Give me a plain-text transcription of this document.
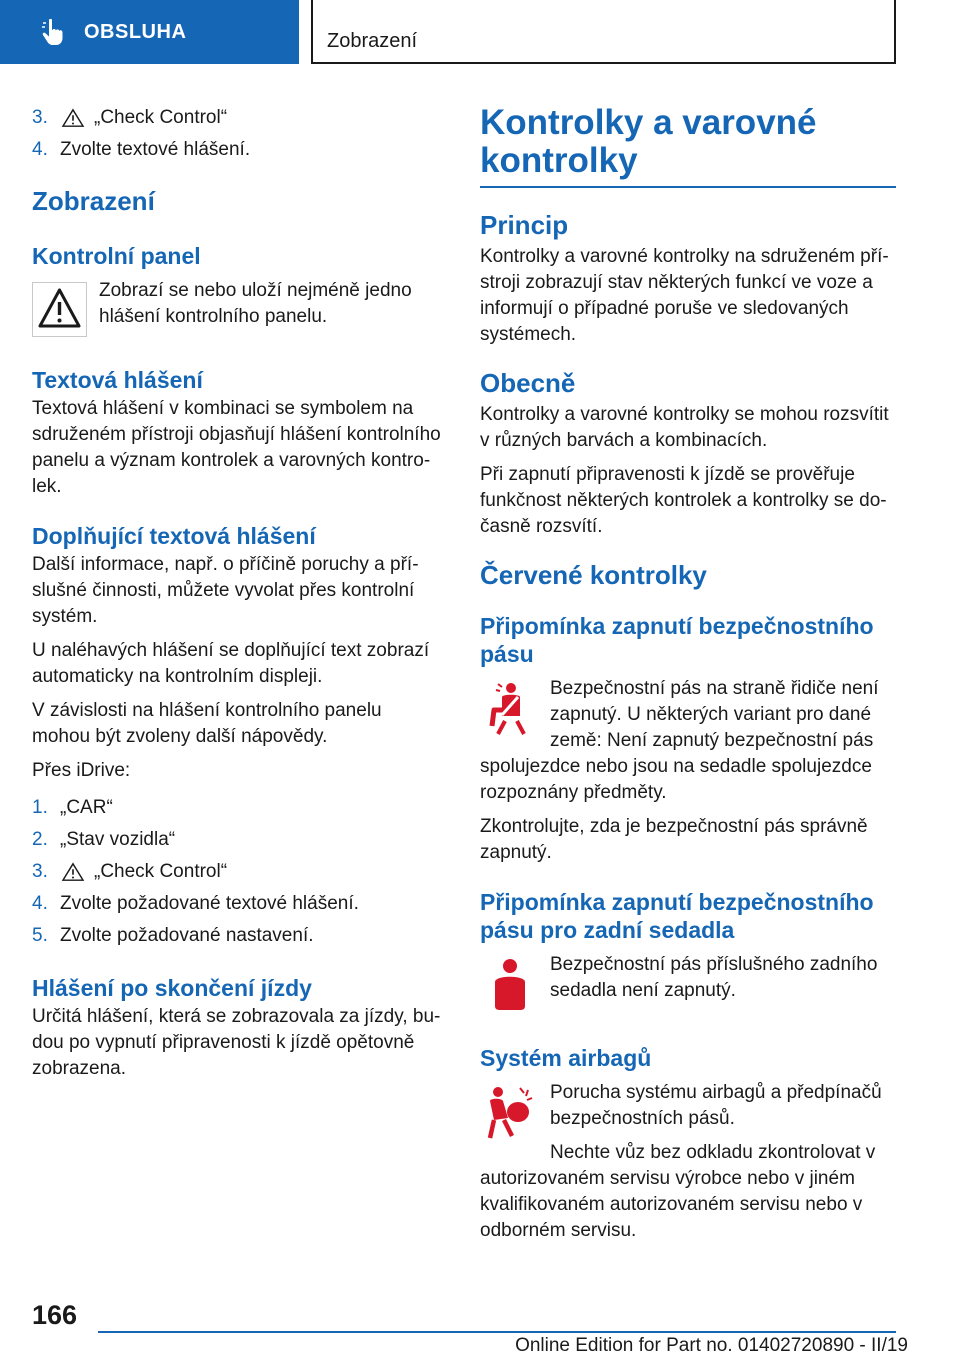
OBSLUHA	Zobrazení
3.	„Check Control“
4. Zvolte textové hlášení.
Zobrazení
Kontrolní panel

Zobrazí se nebo uloží nejméně jedno hlášení kontrolního panelu.

Textová hlášení

Textová hlášení v kombinaci se symbolem na sdruženém přístroji objasňují hlášení kontrolního panelu a význam kontrolek a varovných kontrolek.

Doplňující textová hlášení

Další informace, např. o příčině poruchy a příslušné činnosti, můžete vyvolat přes kontrolní systém.

U naléhavých hlášení se doplňující text zobrazí automaticky na kontrolním displeji.

V závislosti na hlášení kontrolního panelu mohou být zvoleny další nápovědy.

Přes iDrive:

1. „CAR“
2. „Stav vozidla“
3.	„Check Control“
4. Zvolte požadované textové hlášení.
5. Zvolte požadované nastavení.
Hlášení po skončení jízdy

Určitá hlášení, která se zobrazovala za jízdy, budou po vypnutí připravenosti k jízdě opětovně zobrazena.

Kontrolky a varovné kontrolky
Princip

Kontrolky a varovné kontrolky na sdruženém přístroji zobrazují stav některých funkcí ve voze a informují o případné poruše ve sledovaných systémech.

Obecně

Kontrolky a varovné kontrolky se mohou rozsvítit v různých barvách a kombinacích.

Při zapnutí připravenosti k jízdě se prověřuje funkčnost některých kontrolek a kontrolky se dočasně rozsvítí.

Červené kontrolky
Připomínka zapnutí bezpečnostního pásu

Bezpečnostní pás na straně řidiče není zapnutý. U některých variant pro dané země: Není zapnutý bezpečnostní pás spolujezdce nebo jsou na sedadle spolujezdce rozpoznány předměty.

Zkontrolujte, zda je bezpečnostní pás správně zapnutý.

Připomínka zapnutí bezpečnostního pásu pro zadní sedadla

Bezpečnostní pás příslušného zadního sedadla není zapnutý.

Systém airbagů

Porucha systému airbagů a předpínačů bezpečnostních pásů.

Nechte vůz bez odkladu zkontrolovat v autorizovaném servisu výrobce nebo v jiném kvalifikovaném autorizovaném servisu nebo v odborném servisu.

166
Online Edition for Part no. 01402720890 - II/19
